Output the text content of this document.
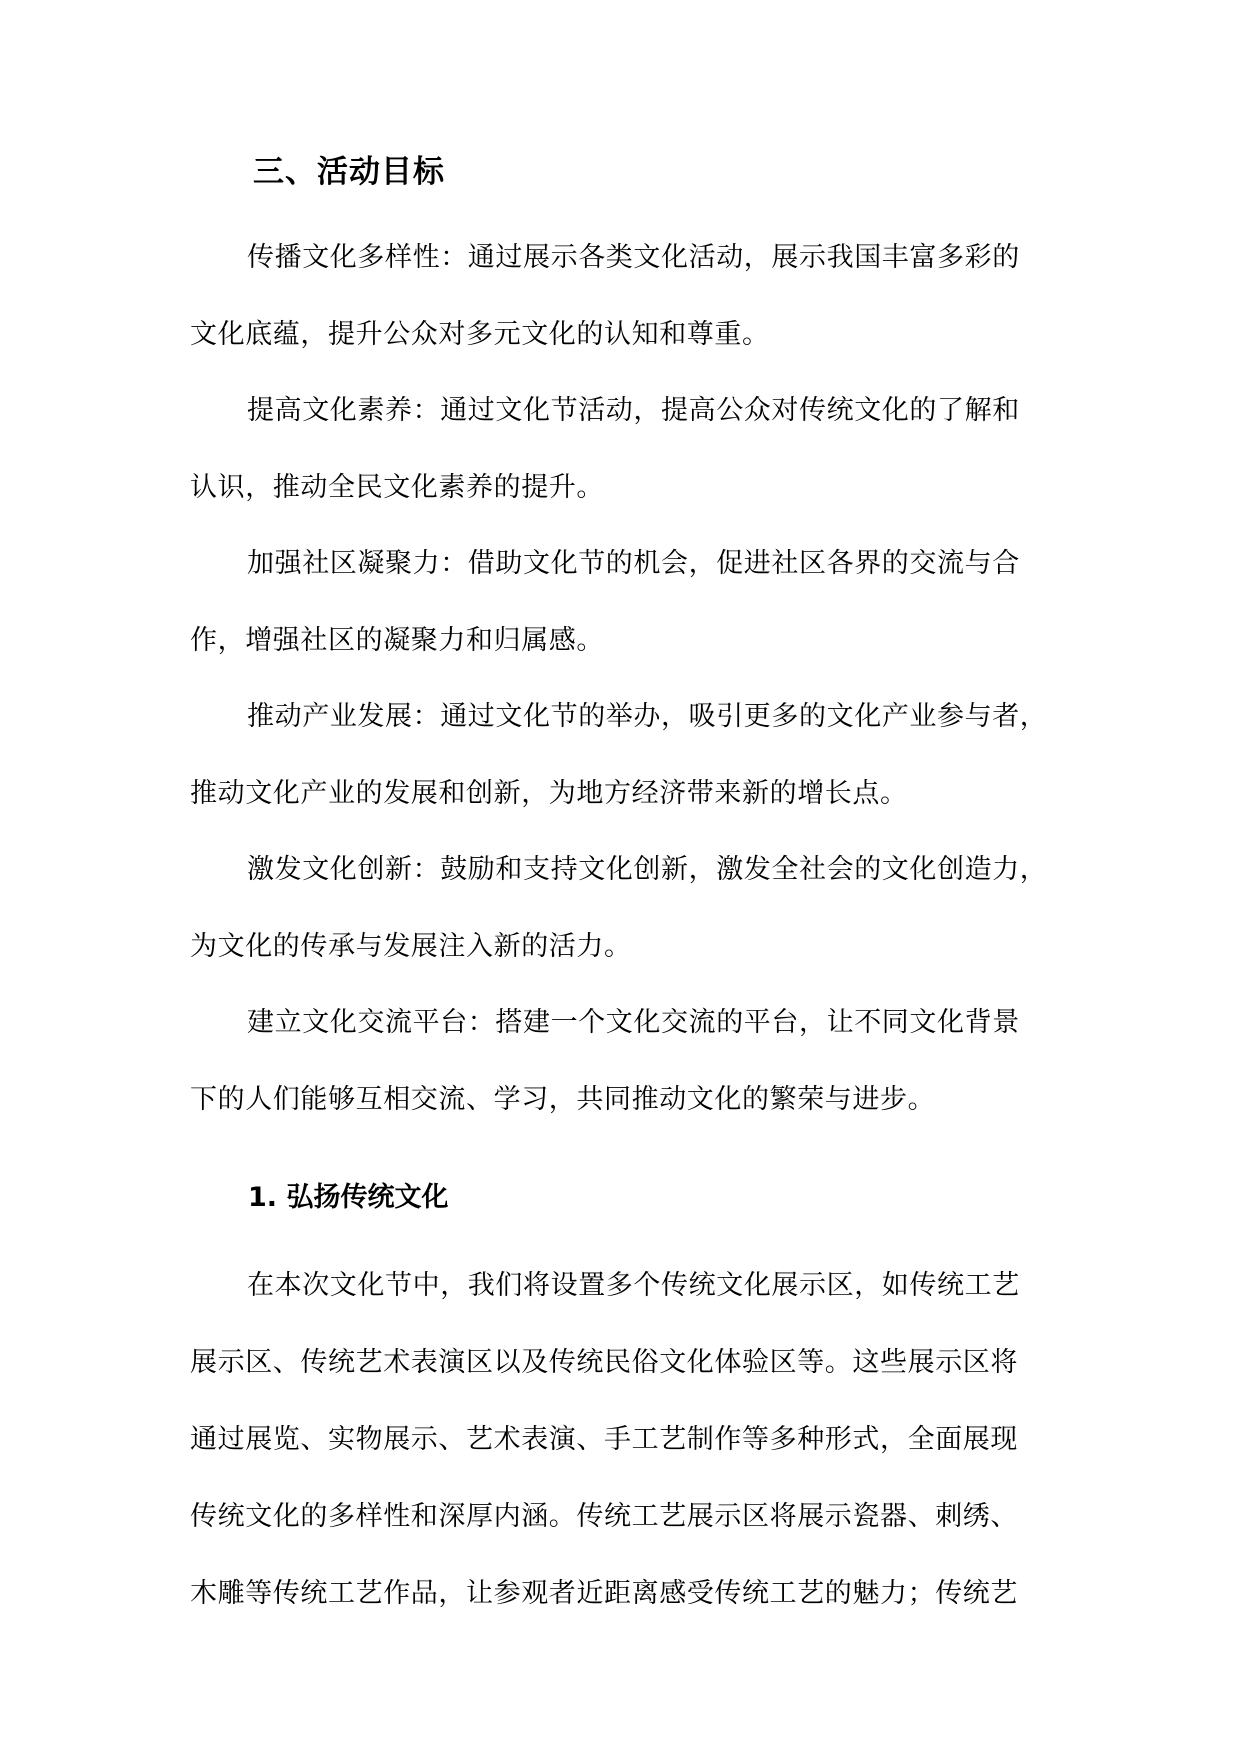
三、活动目标
传播文化多样性：通过展示各类文化活动，展示我国丰富多彩的
文化底蕴，提升公众对多元文化的认知和尊重。
提高文化素养：通过文化节活动，提高公众对传统文化的了解和
认识，推动全民文化素养的提升。
加强社区凝聚力：借助文化节的机会，促进社区各界的交流与合
作，增强社区的凝聚力和归属感。
推动产业发展：通过文化节的举办，吸引更多的文化产业参与者，
推动文化产业的发展和创新，为地方经济带来新的增长点。
激发文化创新：鼓励和支持文化创新，激发全社会的文化创造力，
为文化的传承与发展注入新的活力。
建立文化交流平台：搭建一个文化交流的平台，让不同文化背景
下的人们能够互相交流、学习，共同推动文化的繁荣与进步。
1. 弘扬传统文化
在本次文化节中，我们将设置多个传统文化展示区，如传统工艺
展示区、传统艺术表演区以及传统民俗文化体验区等。这些展示区将
通过展览、实物展示、艺术表演、手工艺制作等多种形式，全面展现
传统文化的多样性和深厚内涵。传统工艺展示区将展示瓷器、刺绣、
木雕等传统工艺作品，让参观者近距离感受传统工艺的魅力；传统艺
